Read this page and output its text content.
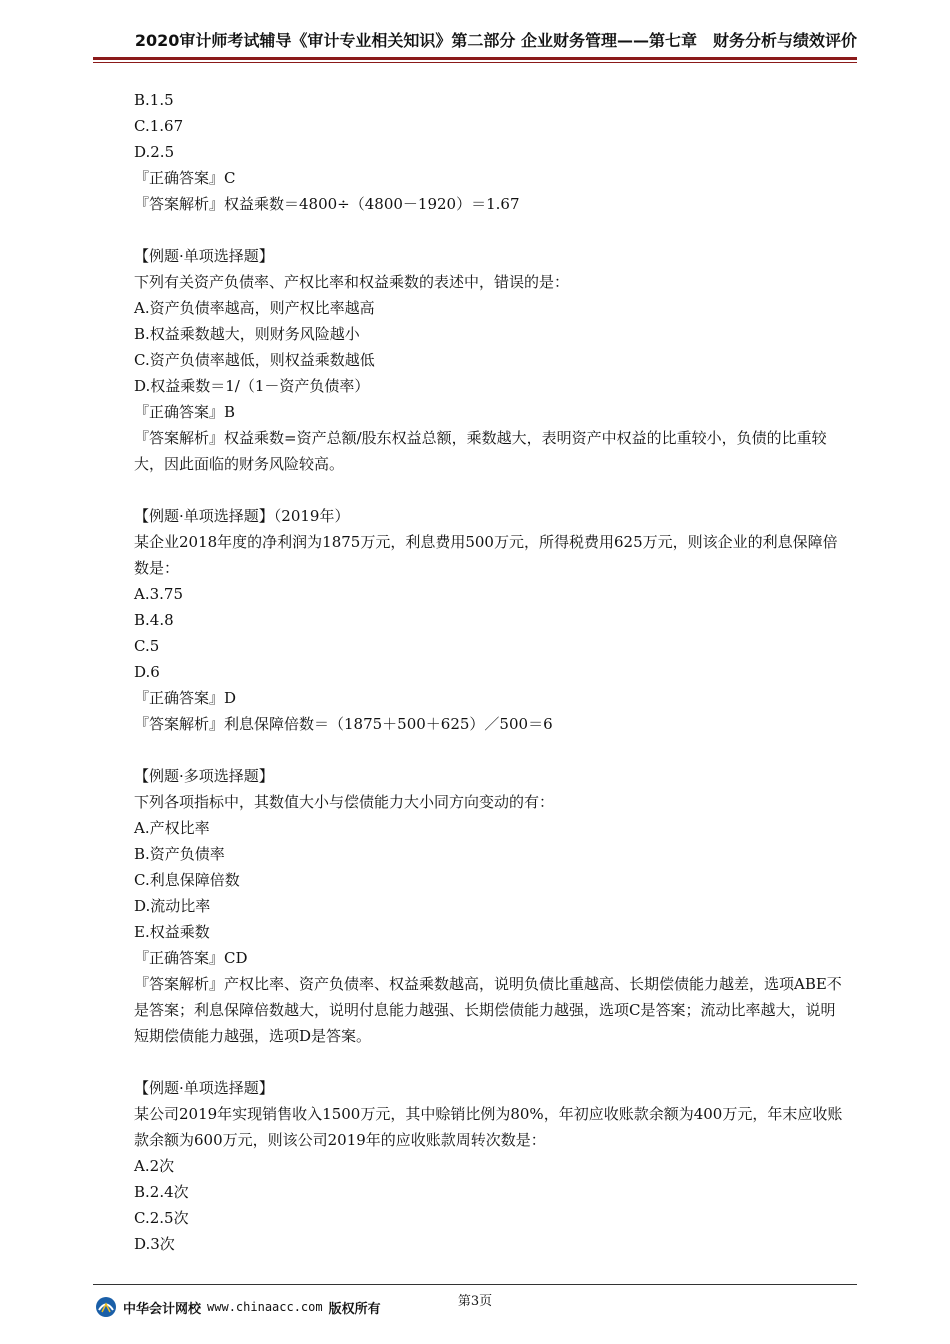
2020审计师考试辅导《审计专业相关知识》第二部分 企业财务管理——第七章　财务分析与绩效评价
B.1.5
C.1.67
D.2.5
『正确答案』C
『答案解析』权益乘数＝4800÷（4800－1920）＝1.67
【例题·单项选择题】
下列有关资产负债率、产权比率和权益乘数的表述中，错误的是：
A.资产负债率越高，则产权比率越高
B.权益乘数越大，则财务风险越小
C.资产负债率越低，则权益乘数越低
D.权益乘数＝1/（1－资产负债率）
『正确答案』B
『答案解析』权益乘数=资产总额/股东权益总额，乘数越大，表明资产中权益的比重较小，负债的比重较大，因此面临的财务风险较高。
【例题·单项选择题】（2019年）
某企业2018年度的净利润为1875万元，利息费用500万元，所得税费用625万元，则该企业的利息保障倍数是：
A.3.75
B.4.8
C.5
D.6
『正确答案』D
『答案解析』利息保障倍数＝（1875＋500＋625）／500＝6
【例题·多项选择题】
下列各项指标中，其数值大小与偿债能力大小同方向变动的有：
A.产权比率
B.资产负债率
C.利息保障倍数
D.流动比率
E.权益乘数
『正确答案』CD
『答案解析』产权比率、资产负债率、权益乘数越高，说明负债比重越高、长期偿债能力越差，选项ABE不是答案；利息保障倍数越大，说明付息能力越强、长期偿债能力越强，选项C是答案；流动比率越大，说明短期偿债能力越强，选项D是答案。
【例题·单项选择题】
某公司2019年实现销售收入1500万元，其中赊销比例为80%，年初应收账款余额为400万元，年末应收账款余额为600万元，则该公司2019年的应收账款周转次数是：
A.2次
B.2.4次
C.2.5次
D.3次
第3页
中华会计网校 www.chinaacc.com 版权所有
